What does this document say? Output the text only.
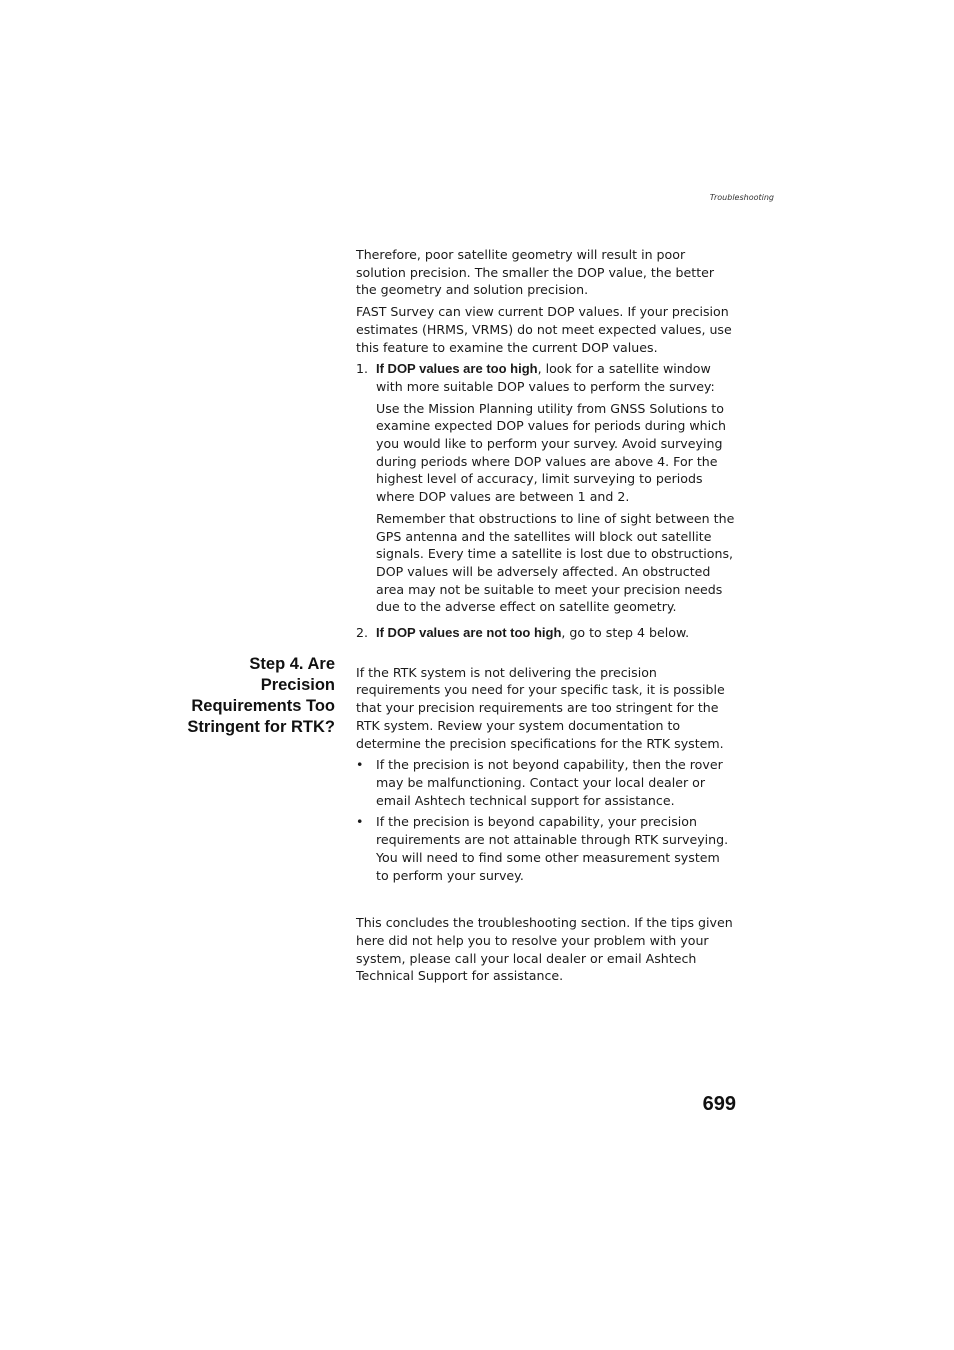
Troubleshooting

Therefore, poor satellite geometry will result in poor solution precision. The smaller the DOP value, the better the geometry and solution precision.

FAST Survey can view current DOP values. If your precision estimates (HRMS, VRMS) do not meet expected values, use this feature to examine the current DOP values.

1. If DOP values are too high, look for a satellite window with more suitable DOP values to perform the survey:

Use the Mission Planning utility from GNSS Solutions to examine expected DOP values for periods during which you would like to perform your survey. Avoid surveying during periods where DOP values are above 4. For the highest level of accuracy, limit surveying to periods where DOP values are between 1 and 2.

Remember that obstructions to line of sight between the GPS antenna and the satellites will block out satellite signals. Every time a satellite is lost due to obstructions, DOP values will be adversely affected. An obstructed area may not be suitable to meet your precision needs due to the adverse effect on satellite geometry.

2. If DOP values are not too high, go to step 4 below.

If the RTK system is not delivering the precision requirements you need for your specific task, it is possible that your precision requirements are too stringent for the RTK system. Review your system documentation to determine the precision specifications for the RTK system.

• If the precision is not beyond capability, then the rover may be malfunctioning. Contact your local dealer or email Ashtech technical support for assistance.
• If the precision is beyond capability, your precision requirements are not attainable through RTK surveying. You will need to find some other measurement system to perform your survey.

This concludes the troubleshooting section. If the tips given here did not help you to resolve your problem with your system, please call your local dealer or email Ashtech Technical Support for assistance.

Step 4. Are Precision Requirements Too Stringent for RTK?
699
